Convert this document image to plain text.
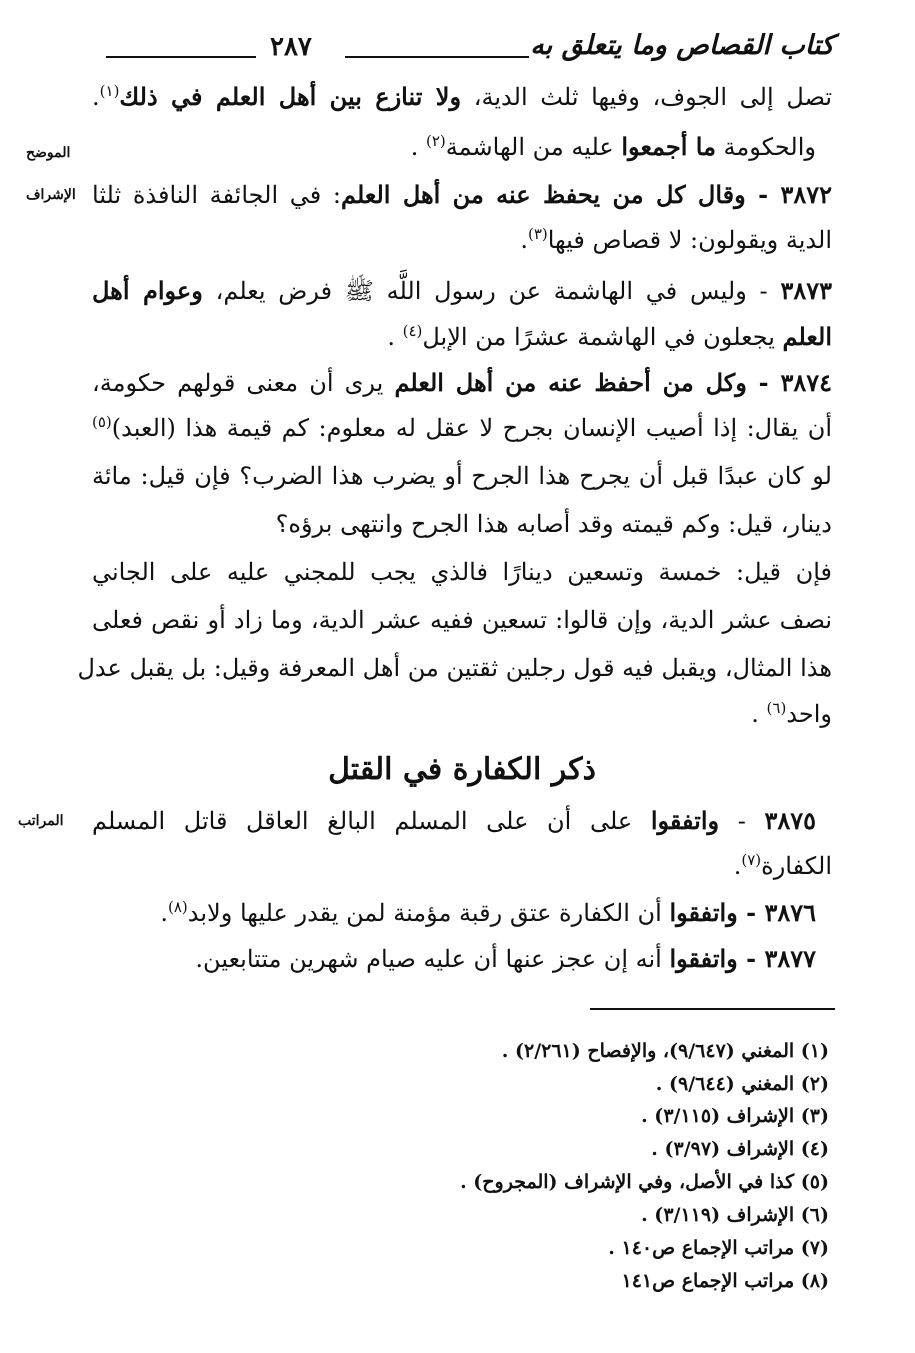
كتاب القصاص وما يتعلق به
٢٨٧
الموضح
الإشراف
المراتب
تصل إلى الجوف، وفيها ثلث الدية، ولا تنازع بين أهل العلم في ذلك$^{(١)}$.
والحكومة ما أجمعوا عليه من الهاشمة$^{(٢)}$ .
٣٨٧٢ - وقال كل من يحفظ عنه من أهل العلم: في الجائفة النافذة ثلثا
الدية ويقولون: لا قصاص فيها$^{(٣)}$.
٣٨٧٣ - وليس في الهاشمة عن رسول اللَّه ﷺ فرض يعلم، وعوام أهل
العلم يجعلون في الهاشمة عشرًا من الإبل$^{(٤)}$ .
٣٨٧٤ - وكل من أحفظ عنه من أهل العلم يرى أن معنى قولهم حكومة،
أن يقال: إذا أصيب الإنسان بجرح لا عقل له معلوم: كم قيمة هذا (العبد)$^{(٥)}$
لو كان عبدًا قبل أن يجرح هذا الجرح أو يضرب هذا الضرب؟ فإن قيل: مائة
دينار، قيل: وكم قيمته وقد أصابه هذا الجرح وانتهى برؤه؟
فإن قيل: خمسة وتسعين دينارًا فالذي يجب للمجني عليه على الجاني
نصف عشر الدية، وإن قالوا: تسعين ففيه عشر الدية، وما زاد أو نقص فعلى
هذا المثال، ويقبل فيه قول رجلين ثقتين من أهل المعرفة وقيل: بل يقبل عدل
واحد$^{(٦)}$ .
٣٨٧٥ - واتفقوا على أن على المسلم البالغ العاقل قاتل المسلم
الكفارة$^{(٧)}$.
٣٨٧٦ - واتفقوا أن الكفارة عتق رقبة مؤمنة لمن يقدر عليها ولابد$^{(٨)}$.
٣٨٧٧ - واتفقوا أنه إن عجز عنها أن عليه صيام شهرين متتابعين.
ذكر الكفارة في القتل
(١) المغني (٩/٦٤٧)، والإفصاح (٢/٢٦١) .
(٢) المغني (٩/٦٤٤) .
(٣) الإشراف (٣/١١٥) .
(٤) الإشراف (٣/٩٧) .
(٥) كذا في الأصل، وفي الإشراف (المجروح) .
(٦) الإشراف (٣/١١٩) .
(٧) مراتب الإجماع ص١٤٠ .
(٨) مراتب الإجماع ص١٤١
